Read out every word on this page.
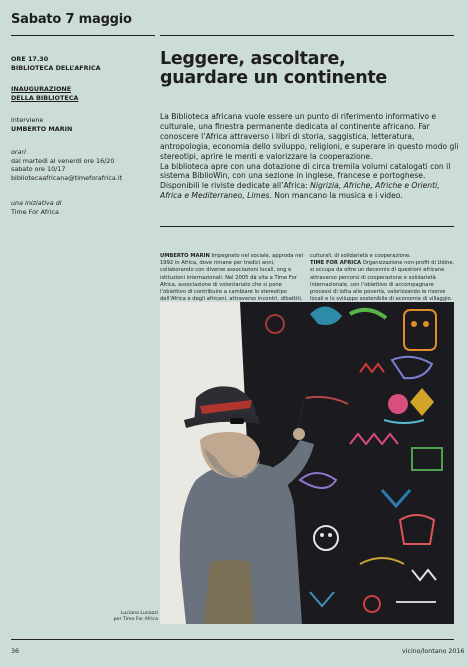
Sabato 7 maggio
ORE 17.30
BIBLIOTECA DELL’AFRICA
INAUGURAZIONE
DELLA BIBLIOTECA
interviene
UMBERTO MARIN
orari
dal martedì al venerdì ore 16/20
sabato ore 10/17
bibliotecaafricana@timeforafrica.it
una iniziativa di
Time For Africa
Leggere, ascoltare,
guardare un continente
La Biblioteca africana vuole essere un punto di riferimento informativo e culturale, una finestra permanente dedicata al continente africano. Far conoscere l’Africa attraverso i libri di storia, saggistica, letteratura, antropologia, economia dello sviluppo, religioni, e superare in questo modo gli stereotipi, aprire le menti e valorizzare la cooperazione.
La biblioteca apre con una dotazione di circa tremila volumi catalogati con il sistema BiblioWin, con una sezione in inglese, francese e portoghese. Disponibili le riviste dedicate all’Africa: Nigrizia, Afriche, Afriche e Orienti, Africa e Mediterraneo, Limes. Non mancano la musica e i video.
UMBERTO MARIN Impegnato nel sociale, approda nel 1992 in Africa, dove rimane per tredici anni, collaborando con diverse associazioni locali, ong e istituzioni internazionali. Nel 2005 dà vita a Time For Africa, associazione di volontariato che si pone l’obiettivo di contribuire a cambiare lo stereotipo dell’Africa e degli africani, attraverso incontri, dibattiti,
culturali, di solidarietà e cooperazione.
TIME FOR AFRICA Organizzazione non-profit di Udine, si occupa da oltre un decennio di questioni africane attraverso percorsi di cooperazione e solidarietà internazionale, con l’obiettivo di accompagnare processi di lotta alle povertà, valorizzando le risorse locali e lo sviluppo sostenibile di economie di villaggio.
Luciano Lunazzi
per Time For Africa
36	vicino/lontano 2016
